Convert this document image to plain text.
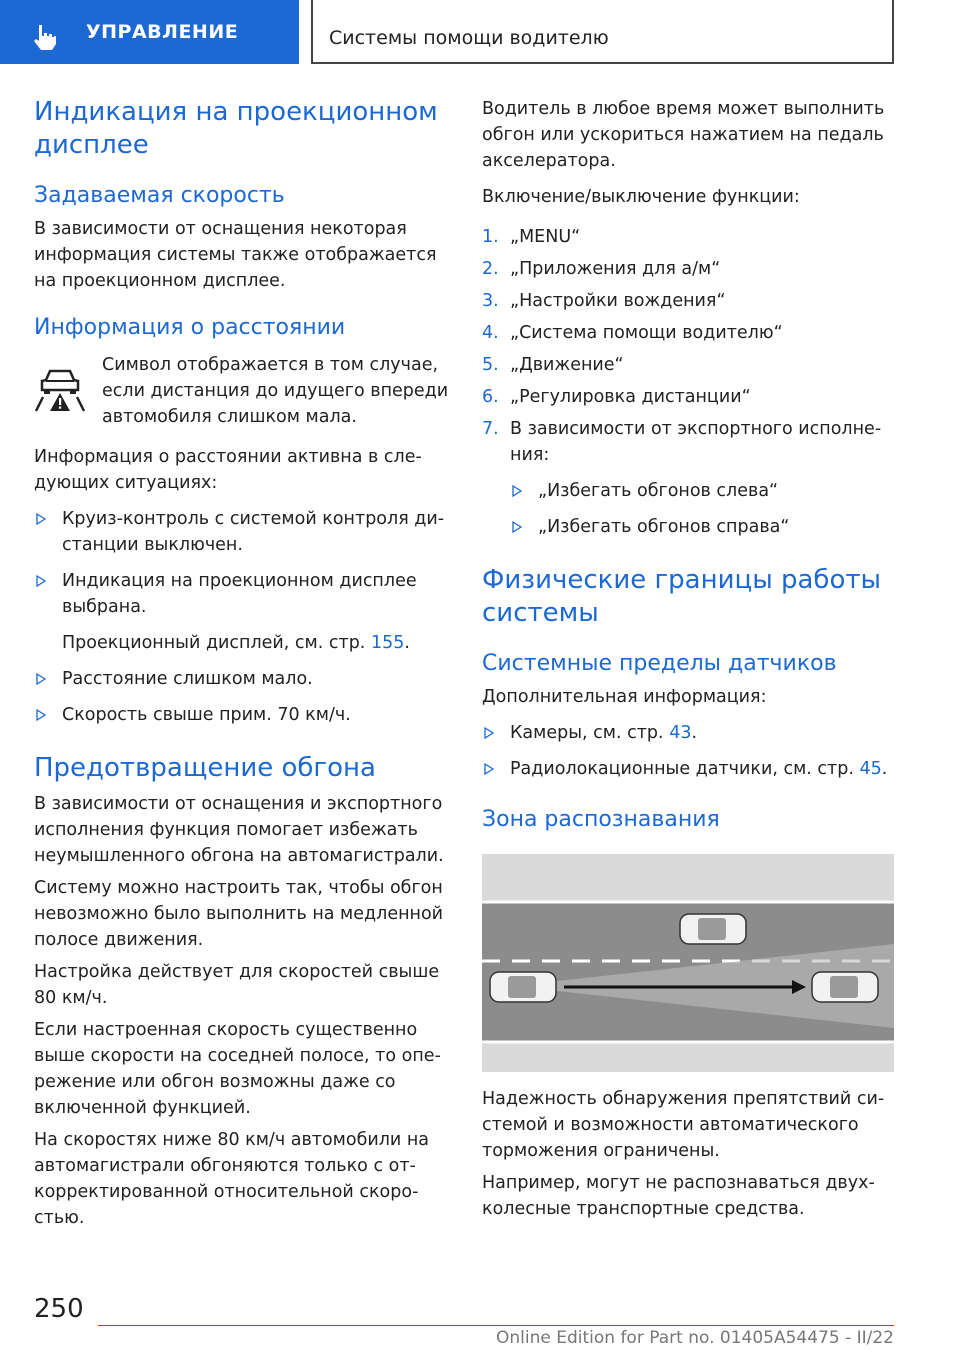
УПРАВЛЕНИЕ	Системы помощи водителю
Индикация на проекционном дисплее
Задаваемая скорость

В зависимости от оснащения некоторая информация системы также отображается на проекционном дисплее.

Информация о расстоянии

Символ отображается в том случае, если дистанция до идущего впереди автомобиля слишком мала.

Информация о расстоянии активна в следующих ситуациях:

Круиз-контроль с системой контроля дистанции выключен.
Индикация на проекционном дисплее выбрана.

Проекционный дисплей, см. стр. 155.

Расстояние слишком мало.
Скорость свыше прим. 70 км/ч.
Предотвращение обгона

В зависимости от оснащения и экспортного исполнения функция помогает избежать неумышленного обгона на автомагистрали.

Систему можно настроить так, чтобы обгон невозможно было выполнить на медленной полосе движения.

Настройка действует для скоростей свыше 80 км/ч.

Если настроенная скорость существенно выше скорости на соседней полосе, то опережение или обгон возможны даже со включенной функцией.

На скоростях ниже 80 км/ч автомобили на автомагистрали обгоняются только с откорректированной относительной скоростью.

Водитель в любое время может выполнить обгон или ускориться нажатием на педаль акселератора.

Включение/выключение функции:

1. „MENU“
2. „Приложения для а/м“
3. „Настройки вождения“
4. „Система помощи водителю“
5. „Движение“
6. „Регулировка дистанции“
7. В зависимости от экспортного исполнения:
„Избегать обгонов слева“
„Избегать обгонов справа“
Физические границы работы системы
Системные пределы датчиков

Дополнительная информация:

Камеры, см. стр. 43.
Радиолокационные датчики, см. стр. 45.
Зона распознавания

Надежность обнаружения препятствий системой и возможности автоматического торможения ограничены.

Например, могут не распознаваться двухколесные транспортные средства.

250
Online Edition for Part no. 01405A54475 - II/22
